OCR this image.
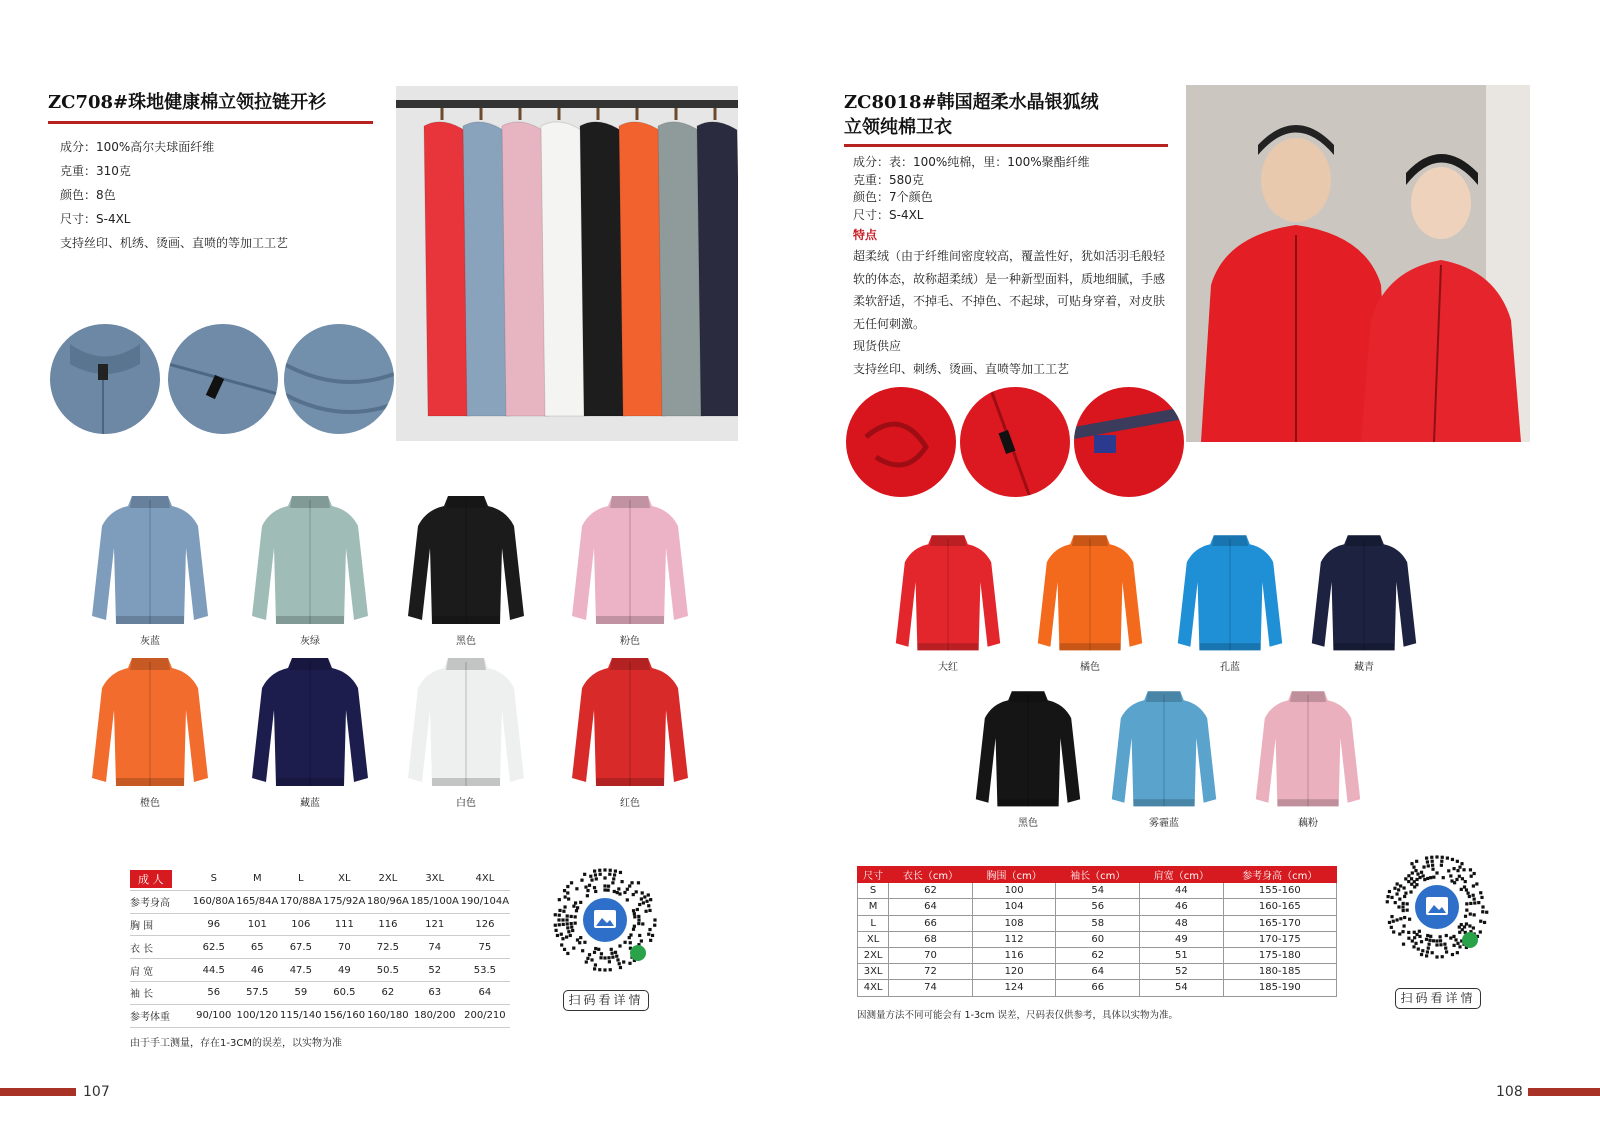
ZC708#珠地健康棉立领拉链开衫
成分：100%高尔夫球面纤维
克重：310克
颜色：8色
尺寸：S-4XL
支持丝印、机绣、烫画、直喷的等加工工艺
灰蓝	灰绿	黑色	粉色
橙色	藏蓝	白色	红色
成 人	S	M	L	XL	2XL	3XL	4XL
参考身高	160/80A	165/84A	170/88A	175/92A	180/96A	185/100A	190/104A
胸 围	96	101	106	111	116	121	126
衣 长	62.5	65	67.5	70	72.5	74	75
肩 宽	44.5	46	47.5	49	50.5	52	53.5
袖 长	56	57.5	59	60.5	62	63	64
参考体重	90/100	100/120	115/140	156/160	160/180	180/200	200/210
由于手工测量，存在1-3CM的误差，以实物为准
扫码看详情
107
ZC8018#韩国超柔水晶银狐绒
立领纯棉卫衣
成分：表：100%纯棉，里：100%聚酯纤维
克重：580克
颜色：7个颜色
尺寸：S-4XL
特点
超柔绒（由于纤维间密度较高，覆盖性好，犹如活羽毛般轻
软的体态，故称超柔绒）是一种新型面料，质地细腻，手感
柔软舒适，不掉毛、不掉色、不起球，可贴身穿着，对皮肤
无任何刺激。
现货供应
支持丝印、刺绣、烫画、直喷等加工工艺
大红	橘色	孔蓝	藏青
黑色	雾霾蓝	藕粉
尺寸	衣长（cm）	胸围（cm）	袖长（cm）	肩宽（cm）	参考身高（cm）
S	62	100	54	44	155-160
M	64	104	56	46	160-165
L	66	108	58	48	165-170
XL	68	112	60	49	170-175
2XL	70	116	62	51	175-180
3XL	72	120	64	52	180-185
4XL	74	124	66	54	185-190
因测量方法不同可能会有 1-3cm 误差，尺码表仅供参考，具体以实物为准。
扫码看详情
108
